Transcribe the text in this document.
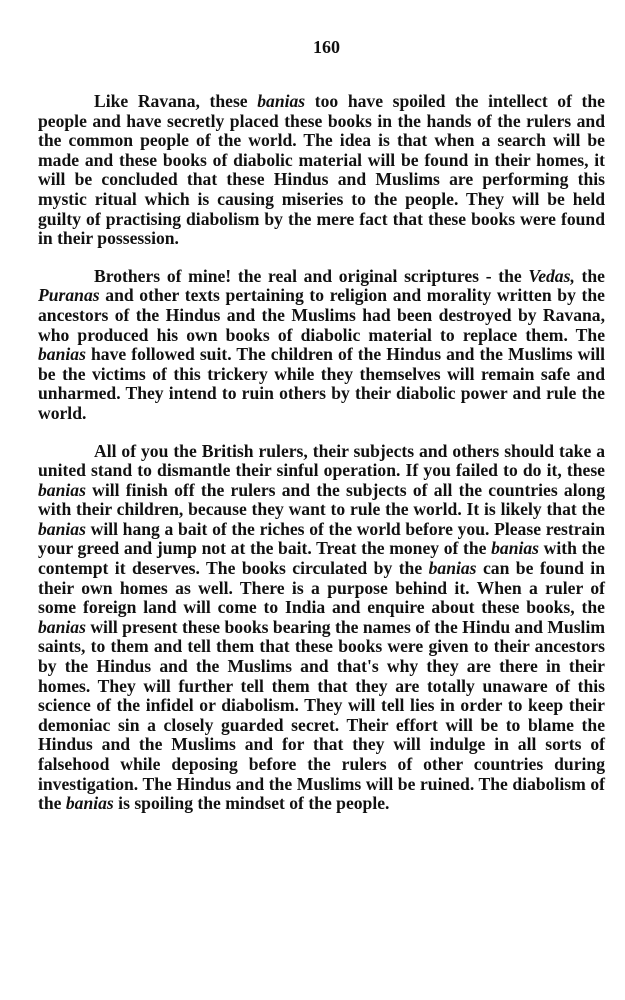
160

Like Ravana, these banias too have spoiled the intellect of the people and have secretly placed these books in the hands of the rulers and the common people of the world. The idea is that when a search will be made and these books of diabolic material will be found in their homes, it will be concluded that these Hindus and Muslims are performing this mystic ritual which is causing miseries to the people. They will be held guilty of practising diabolism by the mere fact that these books were found in their possession.

Brothers of mine! the real and original scriptures - the Vedas, the Puranas and other texts pertaining to religion and morality written by the ancestors of the Hindus and the Muslims had been destroyed by Ravana, who produced his own books of diabolic material to replace them. The banias have followed suit. The children of the Hindus and the Muslims will be the victims of this trickery while they themselves will remain safe and unharmed. They intend to ruin others by their diabolic power and rule the world.

All of you the British rulers, their subjects and others should take a united stand to dismantle their sinful operation. If you failed to do it, these banias will finish off the rulers and the subjects of all the countries along with their children, because they want to rule the world. It is likely that the banias will hang a bait of the riches of the world before you. Please restrain your greed and jump not at the bait. Treat the money of the banias with the contempt it deserves. The books circulated by the banias can be found in their own homes as well. There is a purpose behind it. When a ruler of some foreign land will come to India and enquire about these books, the banias will present these books bearing the names of the Hindu and Muslim saints, to them and tell them that these books were given to their ancestors by the Hindus and the Muslims and that's why they are there in their homes. They will further tell them that they are totally unaware of this science of the infidel or diabolism. They will tell lies in order to keep their demoniac sin a closely guarded secret. Their effort will be to blame the Hindus and the Muslims and for that they will indulge in all sorts of falsehood while deposing before the rulers of other countries during investigation. The Hindus and the Muslims will be ruined. The diabolism of the banias is spoiling the mindset of the people.
